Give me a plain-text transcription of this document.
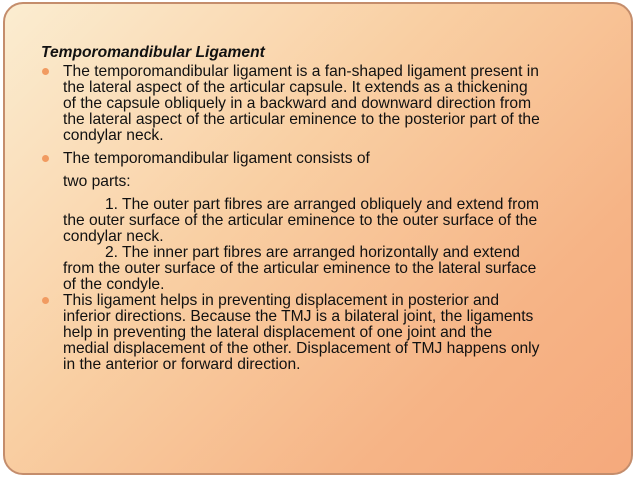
Temporomandibular Ligament
The temporomandibular ligament is a fan-shaped ligament present in
the lateral aspect of the articular capsule. It extends as a thickening
of the capsule obliquely in a backward and downward direction from
the lateral aspect of the articular eminence to the posterior part of the
condylar neck.
The temporomandibular ligament consists of
two parts:
1. The outer part fibres are arranged obliquely and extend from
the outer surface of the articular eminence to the outer surface of the
condylar neck.
2. The inner part fibres are arranged horizontally and extend
from the outer surface of the articular eminence to the lateral surface
of the condyle.
This ligament helps in preventing displacement in posterior and
inferior directions. Because the TMJ is a bilateral joint, the ligaments
help in preventing the lateral displacement of one joint and the
medial displacement of the other. Displacement of TMJ happens only
in the anterior or forward direction.
